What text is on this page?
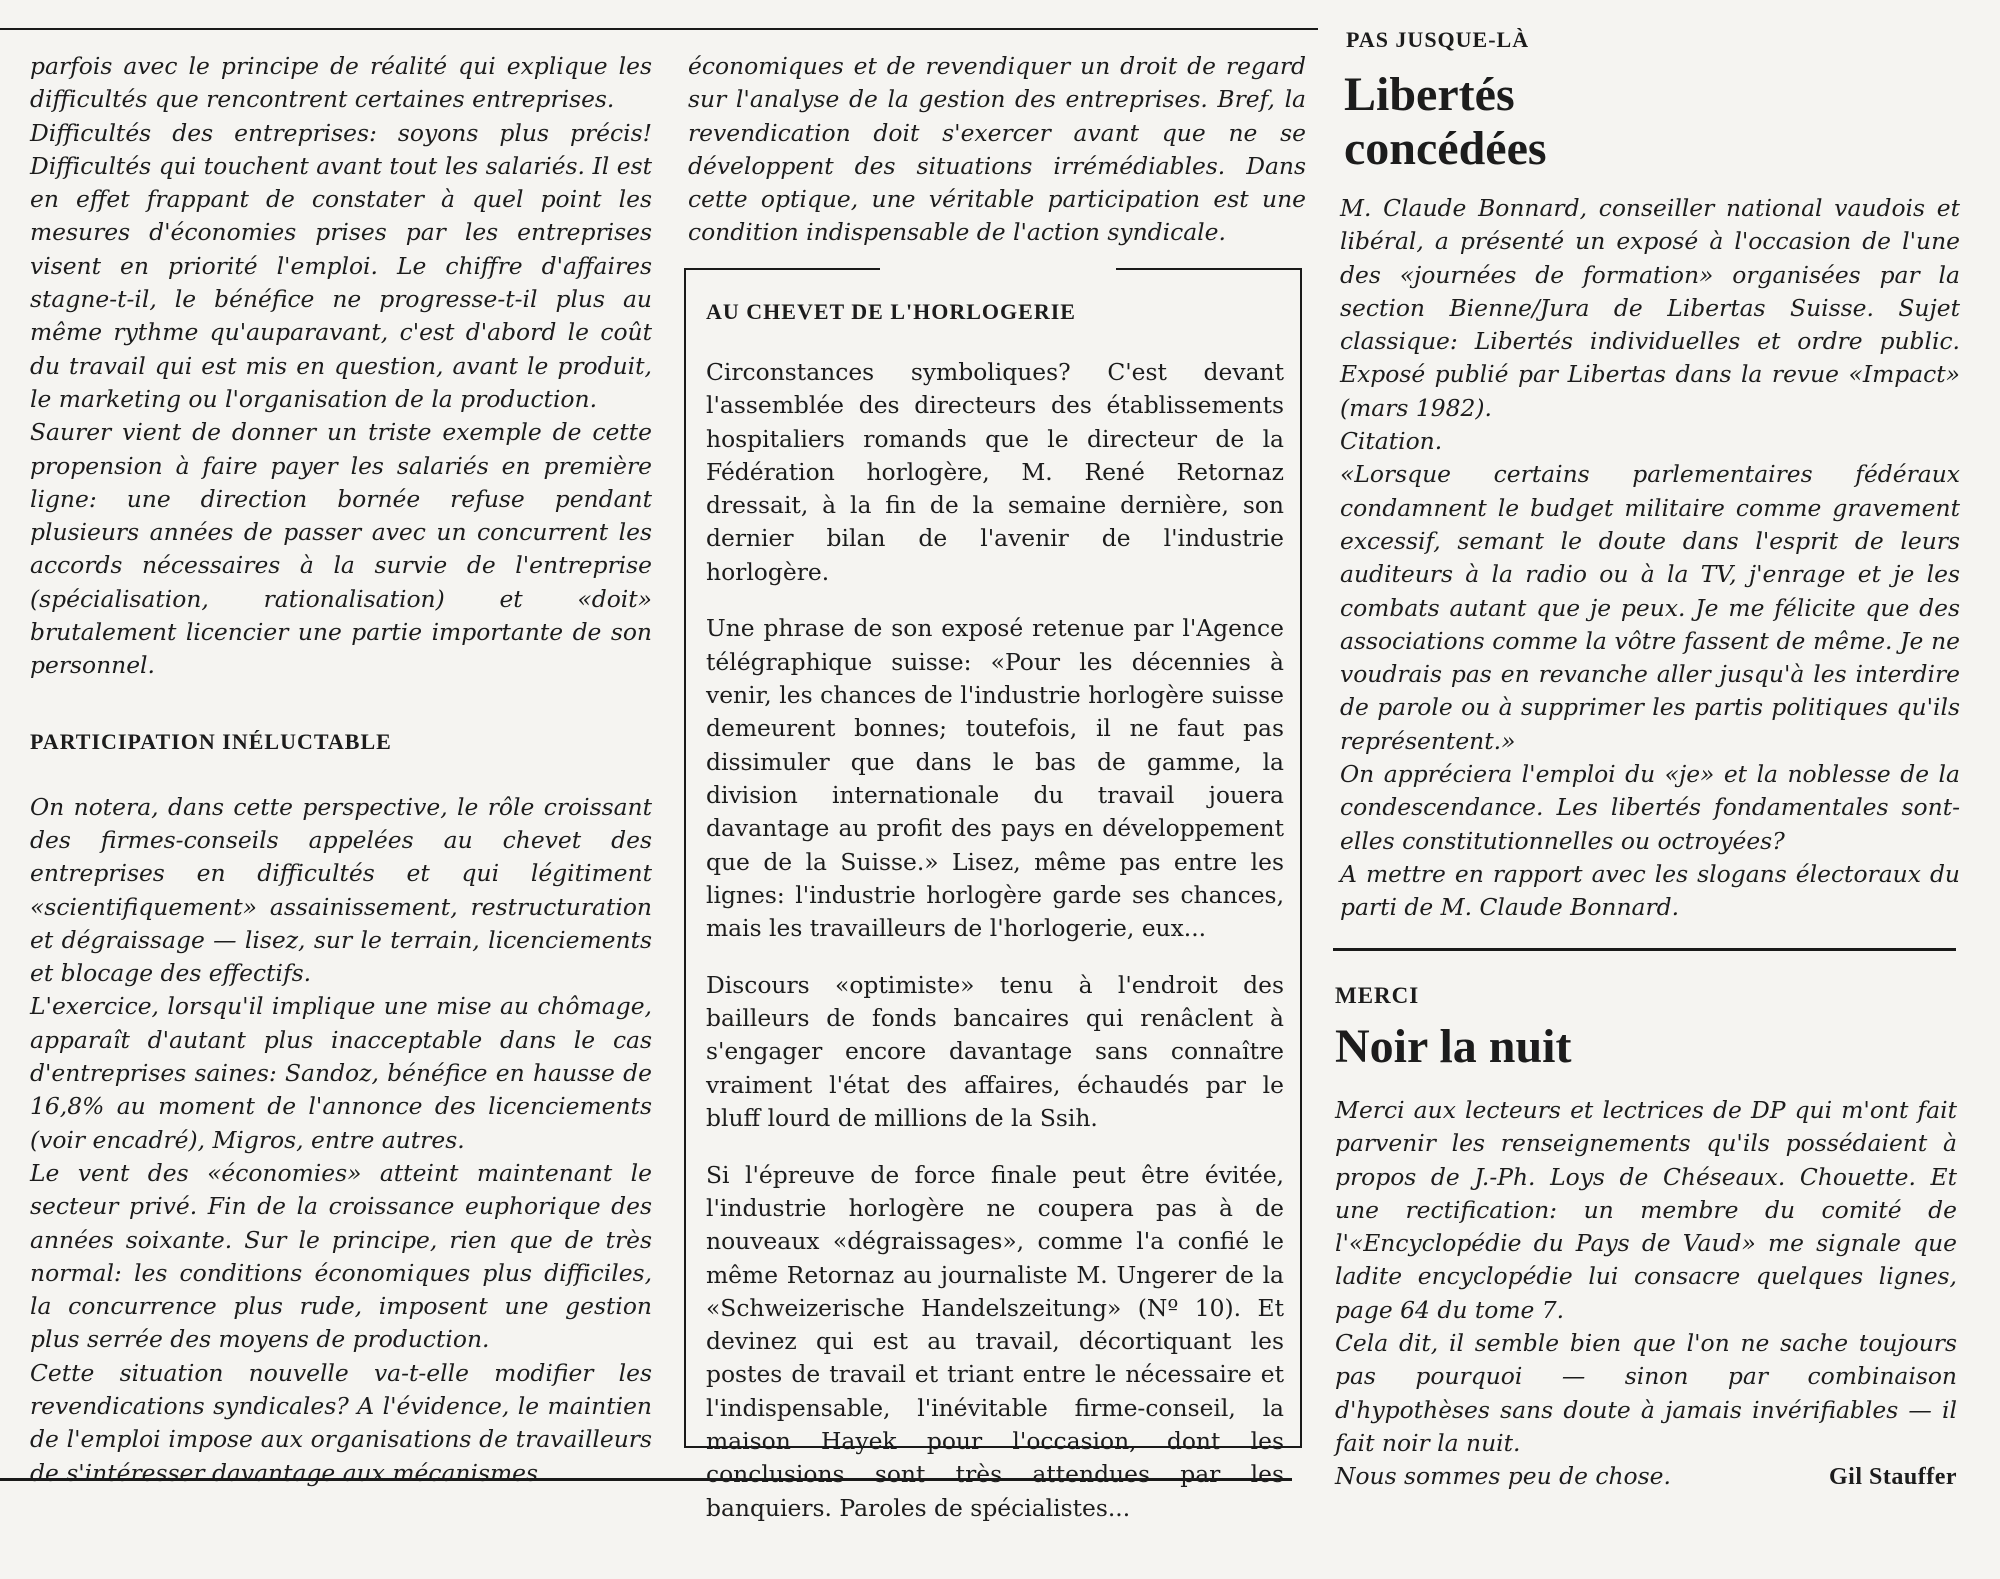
parfois avec le principe de réalité qui explique les difficultés que rencontrent certaines entreprises.

Difficultés des entreprises: soyons plus précis! Difficultés qui touchent avant tout les salariés. Il est en effet frappant de constater à quel point les mesures d'économies prises par les entreprises visent en priorité l'emploi. Le chiffre d'affaires stagne-t-il, le bénéfice ne progresse-t-il plus au même rythme qu'auparavant, c'est d'abord le coût du travail qui est mis en question, avant le produit, le marketing ou l'organisation de la production.

Saurer vient de donner un triste exemple de cette propension à faire payer les salariés en première ligne: une direction bornée refuse pendant plusieurs années de passer avec un concurrent les accords nécessaires à la survie de l'entreprise (spécialisation, rationalisation) et «doit» brutalement licencier une partie importante de son personnel.

PARTICIPATION INÉLUCTABLE

On notera, dans cette perspective, le rôle croissant des firmes-conseils appelées au chevet des entreprises en difficultés et qui légitiment «scientifiquement» assainissement, restructuration et dégraissage — lisez, sur le terrain, licenciements et blocage des effectifs.

L'exercice, lorsqu'il implique une mise au chômage, apparaît d'autant plus inacceptable dans le cas d'entreprises saines: Sandoz, bénéfice en hausse de 16,8% au moment de l'annonce des licenciements (voir encadré), Migros, entre autres.

Le vent des «économies» atteint maintenant le secteur privé. Fin de la croissance euphorique des années soixante. Sur le principe, rien que de très normal: les conditions économiques plus difficiles, la concurrence plus rude, imposent une gestion plus serrée des moyens de production.

Cette situation nouvelle va-t-elle modifier les revendications syndicales? A l'évidence, le maintien de l'emploi impose aux organisations de travailleurs de s'intéresser davantage aux mécanismes

économiques et de revendiquer un droit de regard sur l'analyse de la gestion des entreprises. Bref, la revendication doit s'exercer avant que ne se développent des situations irrémédiables. Dans cette optique, une véritable participation est une condition indispensable de l'action syndicale.

AU CHEVET DE L'HORLOGERIE

Circonstances symboliques? C'est devant l'assemblée des directeurs des établissements hospitaliers romands que le directeur de la Fédération horlogère, M. René Retornaz dressait, à la fin de la semaine dernière, son dernier bilan de l'avenir de l'industrie horlogère.

Une phrase de son exposé retenue par l'Agence télégraphique suisse: «Pour les décennies à venir, les chances de l'industrie horlogère suisse demeurent bonnes; toutefois, il ne faut pas dissimuler que dans le bas de gamme, la division internationale du travail jouera davantage au profit des pays en développement que de la Suisse.» Lisez, même pas entre les lignes: l'industrie horlogère garde ses chances, mais les travailleurs de l'horlogerie, eux...

Discours «optimiste» tenu à l'endroit des bailleurs de fonds bancaires qui renâclent à s'engager encore davantage sans connaître vraiment l'état des affaires, échaudés par le bluff lourd de millions de la Ssih.

Si l'épreuve de force finale peut être évitée, l'industrie horlogère ne coupera pas à de nouveaux «dégraissages», comme l'a confié le même Retornaz au journaliste M. Ungerer de la «Schweizerische Handelszeitung» (Nº 10). Et devinez qui est au travail, décortiquant les postes de travail et triant entre le nécessaire et l'indispensable, l'inévitable firme-conseil, la maison Hayek pour l'occasion, dont les conclusions sont très attendues par les banquiers. Paroles de spécialistes...

PAS JUSQUE-LÀ
Libertés
concédées

M. Claude Bonnard, conseiller national vaudois et libéral, a présenté un exposé à l'occasion de l'une des «journées de formation» organisées par la section Bienne/Jura de Libertas Suisse. Sujet classique: Libertés individuelles et ordre public. Exposé publié par Libertas dans la revue «Impact» (mars 1982).

Citation.

«Lorsque certains parlementaires fédéraux condamnent le budget militaire comme gravement excessif, semant le doute dans l'esprit de leurs auditeurs à la radio ou à la TV, j'enrage et je les combats autant que je peux. Je me félicite que des associations comme la vôtre fassent de même. Je ne voudrais pas en revanche aller jusqu'à les interdire de parole ou à supprimer les partis politiques qu'ils représentent.»

On appréciera l'emploi du «je» et la noblesse de la condescendance. Les libertés fondamentales sont-elles constitutionnelles ou octroyées?

A mettre en rapport avec les slogans électoraux du parti de M. Claude Bonnard.

MERCI
Noir la nuit

Merci aux lecteurs et lectrices de DP qui m'ont fait parvenir les renseignements qu'ils possédaient à propos de J.-Ph. Loys de Chéseaux. Chouette. Et une rectification: un membre du comité de l'«Encyclopédie du Pays de Vaud» me signale que ladite encyclopédie lui consacre quelques lignes, page 64 du tome 7.

Cela dit, il semble bien que l'on ne sache toujours pas pourquoi — sinon par combinaison d'hypothèses sans doute à jamais invérifiables — il fait noir la nuit.

Nous sommes peu de chose.	Gil Stauffer
